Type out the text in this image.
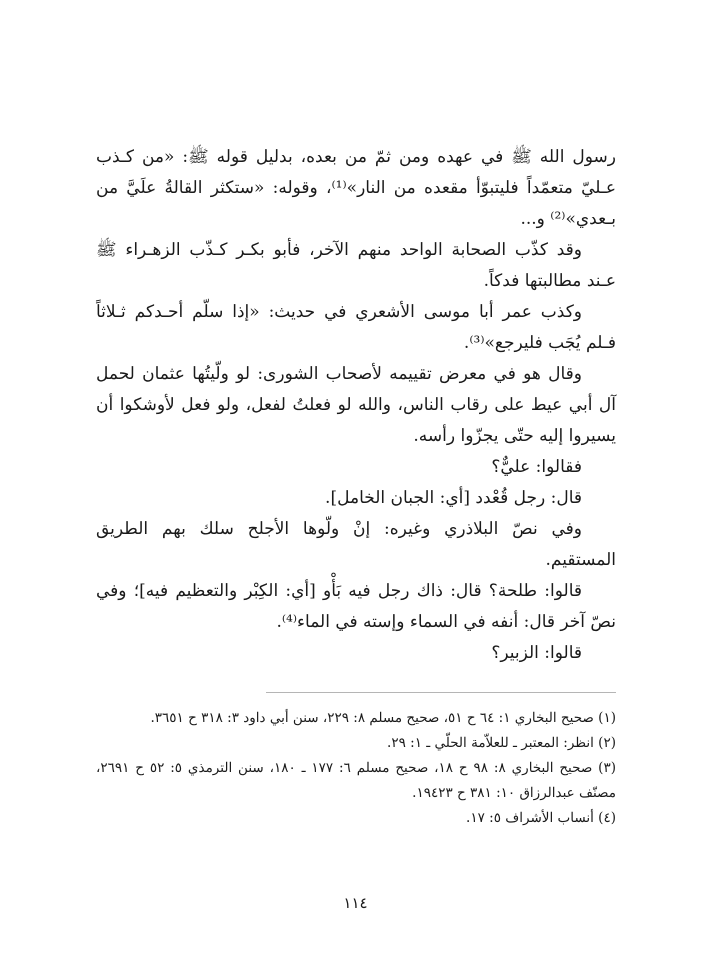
رسول الله ﷺ في عهده ومن ثمّ من بعده، بدليل قوله ﷺ: «من كـذب عـليّ متعمّداً فليتبوّأ مقعده من النار»⁽¹⁾، وقوله: «ستكثر القالةُ علَيَّ من بـعدي»⁽²⁾ و...

وقد كذّب الصحابة الواحد منهم الآخر، فأبو بكـر كـذّب الزهـراء ﷺ عـند مطالبتها فدكاً.

وكذب عمر أبا موسى الأشعري في حديث: «إذا سلّم أحـدكم ثـلاثاً فـلم يُجَب فليرجع»⁽³⁾.

وقال هو في معرض تقييمه لأصحاب الشورى: لو ولّيتُها عثمان لحمل آل أبي عيط على رقاب الناس، والله لو فعلتُ لفعل، ولو فعل لأوشكوا أن يسيروا إليه حتّى يجزّوا رأسه.

فقالوا: عليٌّ؟

قال: رجل قُعْدد [أي: الجبان الخامل].

وفي نصّ البلاذري وغيره: إنْ ولّوها الأجلح سلك بهم الطريق المستقيم.

قالوا: طلحة؟ قال: ذاك رجل فيه بَأْو [أي: الكِبْر والتعظيم فيه]؛ وفي نصّ آخر قال: أنفه في السماء وإسته في الماء⁽⁴⁾.

قالوا: الزبير؟

(١) صحيح البخاري ١: ٦٤ ح ٥١، صحيح مسلم ٨: ٢٢٩، سنن أبي داود ٣: ٣١٨ ح ٣٦٥١.

(٢) انظر: المعتبر ـ للعلاّمة الحلّي ـ ١: ٢٩.

(٣) صحيح البخاري ٨: ٩٨ ح ١٨، صحيح مسلم ٦: ١٧٧ ـ ١٨٠، سنن الترمذي ٥: ٥٢ ح ٢٦٩١، مصنّف عبدالرزاق ١٠: ٣٨١ ح ١٩٤٢٣.

(٤) أنساب الأشراف ٥: ١٧.

١١٤
